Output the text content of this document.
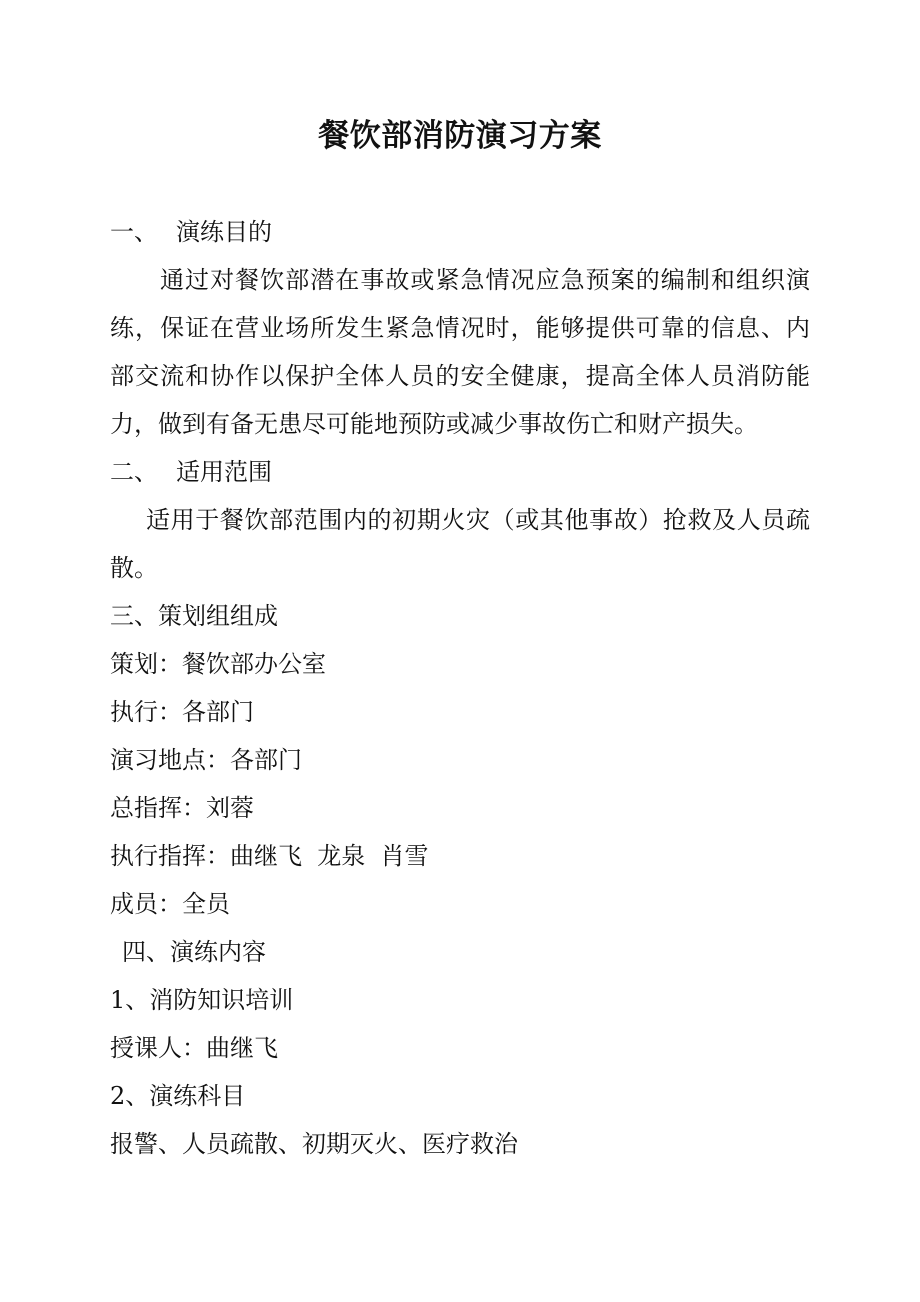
餐饮部消防演习方案
一、 演练目的
通过对餐饮部潜在事故或紧急情况应急预案的编制和组织演
练，保证在营业场所发生紧急情况时，能够提供可靠的信息、内
部交流和协作以保护全体人员的安全健康，提高全体人员消防能
力，做到有备无患尽可能地预防或减少事故伤亡和财产损失。
二、 适用范围
适用于餐饮部范围内的初期火灾（或其他事故）抢救及人员疏
散。
三、策划组组成
策划：餐饮部办公室
执行：各部门
演习地点：各部门
总指挥：刘蓉
执行指挥：曲继飞  龙泉  肖雪
成员：全员
四、演练内容
1、消防知识培训
授课人：曲继飞
2、演练科目
报警、人员疏散、初期灭火、医疗救治
